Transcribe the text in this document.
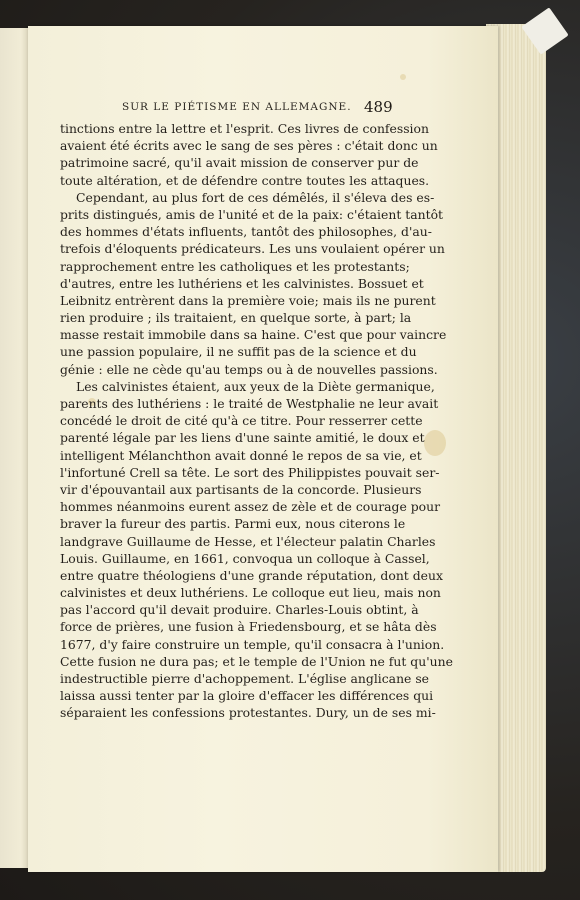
SUR LE PIÉTISME EN ALLEMAGNE. 489
tinctions entre la lettre et l'esprit. Ces livres de confession
avaient été écrits avec le sang de ses pères : c'était donc un
patrimoine sacré, qu'il avait mission de conserver pur de
toute altération, et de défendre contre toutes les attaques.
Cependant, au plus fort de ces démêlés, il s'éleva des es-
prits distingués, amis de l'unité et de la paix: c'étaient tantôt
des hommes d'états influents, tantôt des philosophes, d'au-
trefois d'éloquents prédicateurs. Les uns voulaient opérer un
rapprochement entre les catholiques et les protestants;
d'autres, entre les luthériens et les calvinistes. Bossuet et
Leibnitz entrèrent dans la première voie; mais ils ne purent
rien produire ; ils traitaient, en quelque sorte, à part; la
masse restait immobile dans sa haine. C'est que pour vaincre
une passion populaire, il ne suffit pas de la science et du
génie : elle ne cède qu'au temps ou à de nouvelles passions.
Les calvinistes étaient, aux yeux de la Diète germanique,
parents des luthériens : le traité de Westphalie ne leur avait
concédé le droit de cité qu'à ce titre. Pour resserrer cette
parenté légale par les liens d'une sainte amitié, le doux et
intelligent Mélanchthon avait donné le repos de sa vie, et
l'infortuné Crell sa tête. Le sort des Philippistes pouvait ser-
vir d'épouvantail aux partisants de la concorde. Plusieurs
hommes néanmoins eurent assez de zèle et de courage pour
braver la fureur des partis. Parmi eux, nous citerons le
landgrave Guillaume de Hesse, et l'électeur palatin Charles
Louis. Guillaume, en 1661, convoqua un colloque à Cassel,
entre quatre théologiens d'une grande réputation, dont deux
calvinistes et deux luthériens. Le colloque eut lieu, mais non
pas l'accord qu'il devait produire. Charles-Louis obtint, à
force de prières, une fusion à Friedensbourg, et se hâta dès
1677, d'y faire construire un temple, qu'il consacra à l'union.
Cette fusion ne dura pas; et le temple de l'Union ne fut qu'une
indestructible pierre d'achoppement. L'église anglicane se
laissa aussi tenter par la gloire d'effacer les différences qui
séparaient les confessions protestantes. Dury, un de ses mi-
